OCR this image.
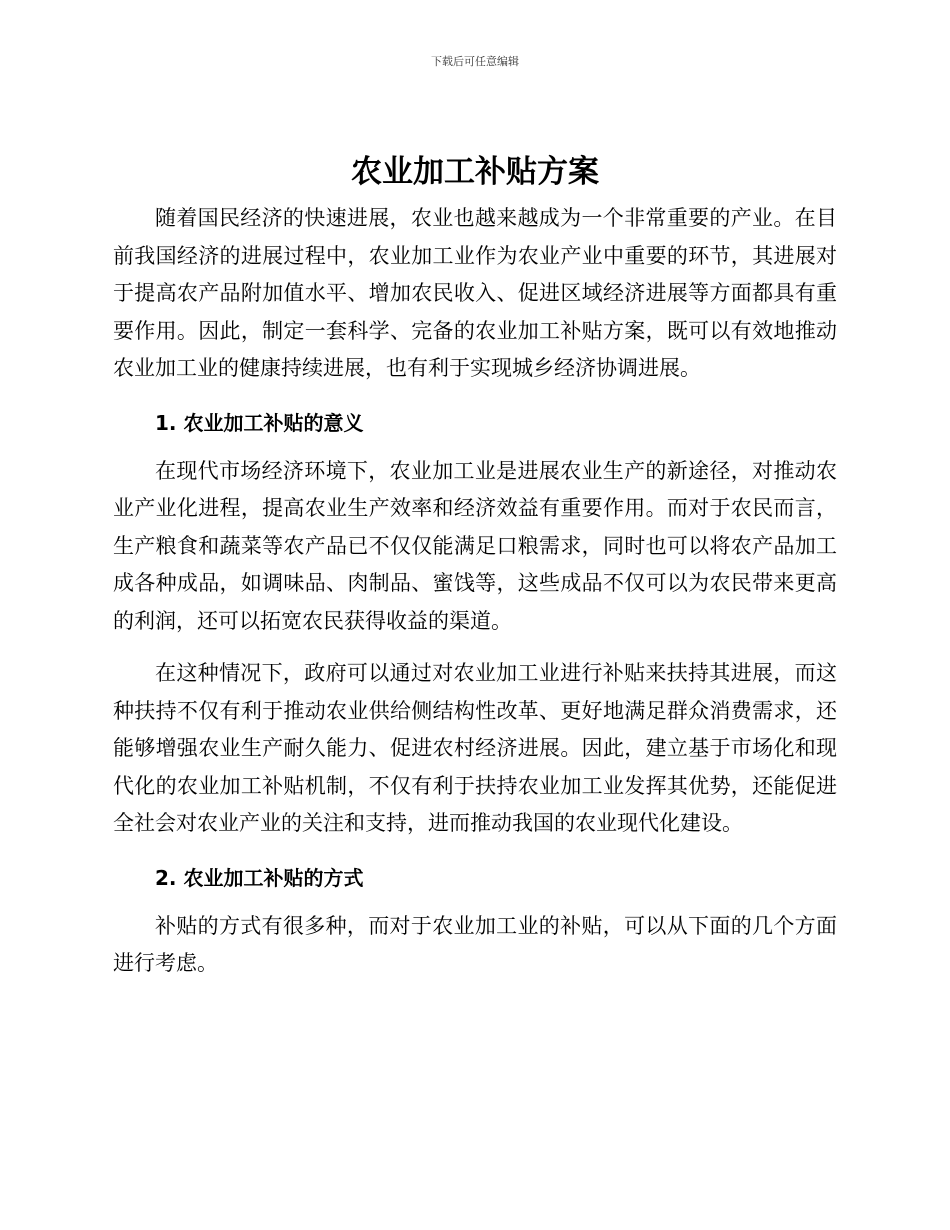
下载后可任意编辑
农业加工补贴方案

随着国民经济的快速进展，农业也越来越成为一个非常重要的产业。在目前我国经济的进展过程中，农业加工业作为农业产业中重要的环节，其进展对于提高农产品附加值水平、增加农民收入、促进区域经济进展等方面都具有重要作用。因此，制定一套科学、完备的农业加工补贴方案，既可以有效地推动农业加工业的健康持续进展，也有利于实现城乡经济协调进展。

1. 农业加工补贴的意义

在现代市场经济环境下，农业加工业是进展农业生产的新途径，对推动农业产业化进程，提高农业生产效率和经济效益有重要作用。而对于农民而言，生产粮食和蔬菜等农产品已不仅仅能满足口粮需求，同时也可以将农产品加工成各种成品，如调味品、肉制品、蜜饯等，这些成品不仅可以为农民带来更高的利润，还可以拓宽农民获得收益的渠道。

在这种情况下，政府可以通过对农业加工业进行补贴来扶持其进展，而这种扶持不仅有利于推动农业供给侧结构性改革、更好地满足群众消费需求，还能够增强农业生产耐久能力、促进农村经济进展。因此，建立基于市场化和现代化的农业加工补贴机制，不仅有利于扶持农业加工业发挥其优势，还能促进全社会对农业产业的关注和支持，进而推动我国的农业现代化建设。

2. 农业加工补贴的方式

补贴的方式有很多种，而对于农业加工业的补贴，可以从下面的几个方面进行考虑。
